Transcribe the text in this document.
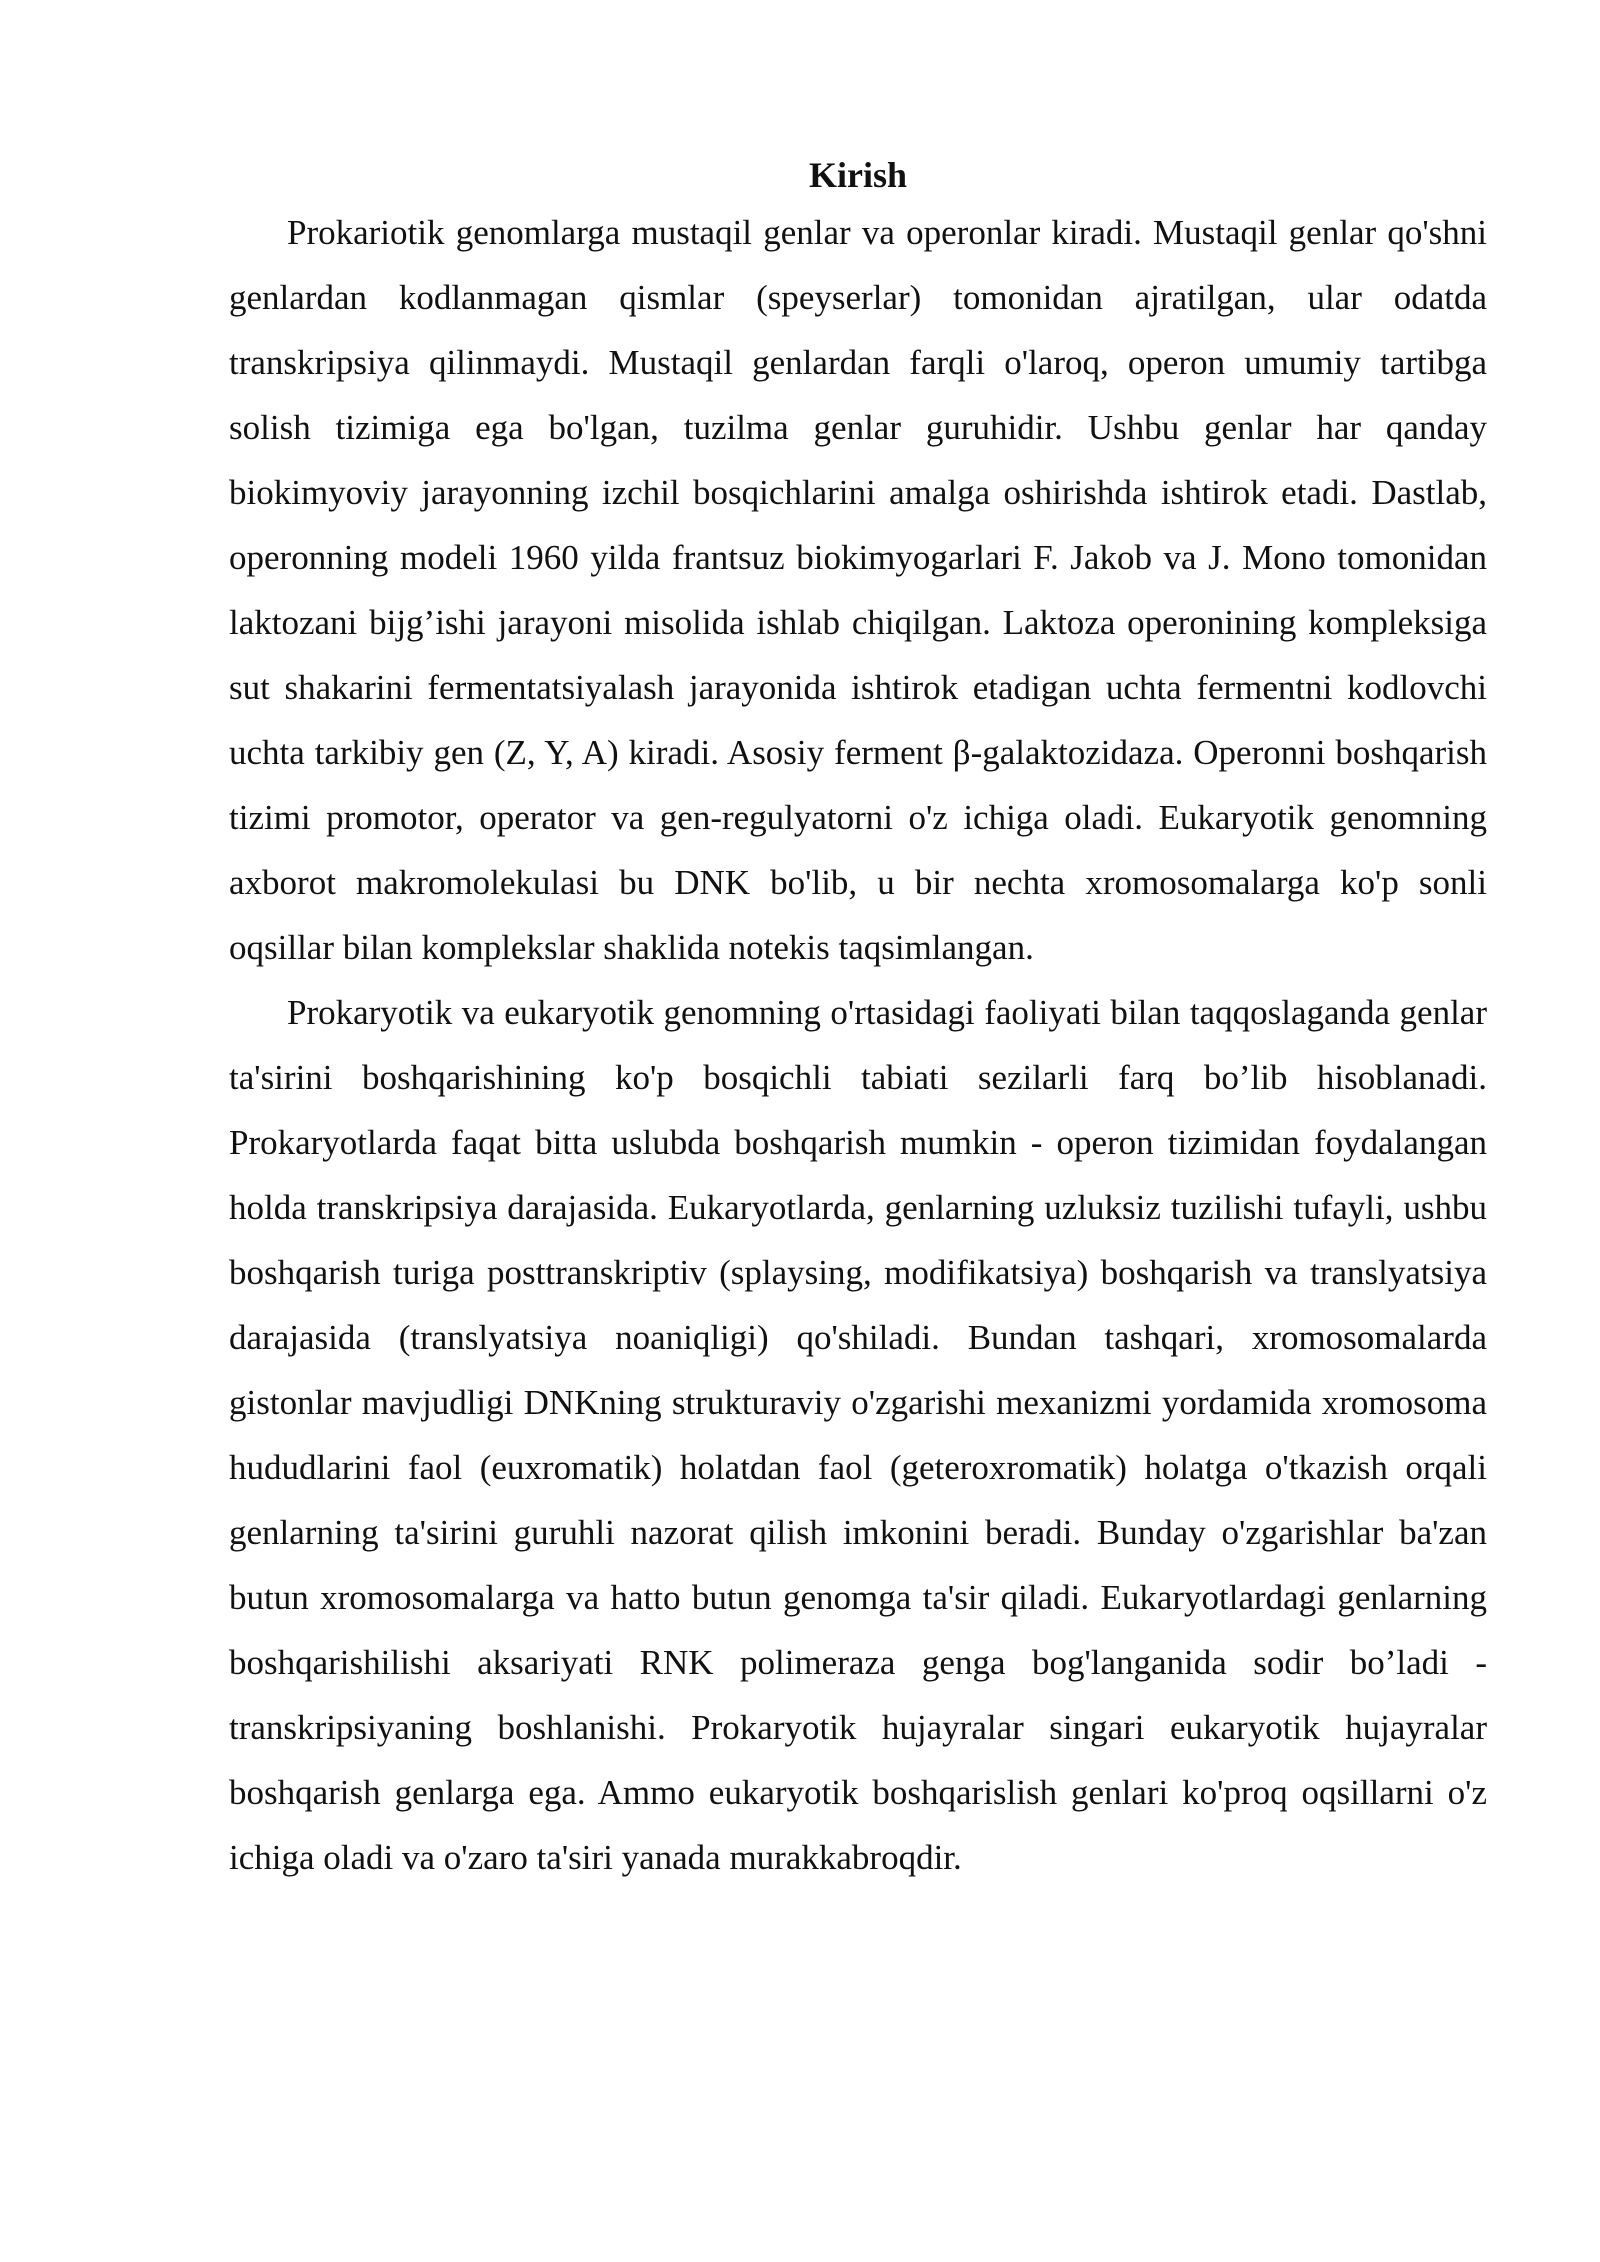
Kirish

Prokariotik genomlarga mustaqil genlar va operonlar kiradi. Mustaqil genlar qo'shni genlardan kodlanmagan qismlar (speyserlar) tomonidan ajratilgan, ular odatda transkripsiya qilinmaydi. Mustaqil genlardan farqli o'laroq, operon umumiy tartibga solish tizimiga ega bo'lgan, tuzilma genlar guruhidir. Ushbu genlar har qanday biokimyoviy jarayonning izchil bosqichlarini amalga oshirishda ishtirok etadi. Dastlab, operonning modeli 1960 yilda frantsuz biokimyogarlari F. Jakob va J. Mono tomonidan laktozani bijg’ishi jarayoni misolida ishlab chiqilgan. Laktoza operonining kompleksiga sut shakarini fermentatsiyalash jarayonida ishtirok etadigan uchta fermentni kodlovchi uchta tarkibiy gen (Z, Y, A) kiradi. Asosiy ferment β-galaktozidaza. Operonni boshqarish tizimi promotor, operator va gen-regulyatorni o'z ichiga oladi. Eukaryotik genomning axborot makromolekulasi bu DNK bo'lib, u bir nechta xromosomalarga ko'p sonli oqsillar bilan komplekslar shaklida notekis taqsimlangan.

Prokaryotik va eukaryotik genomning o'rtasidagi faoliyati bilan taqqoslaganda genlar ta'sirini boshqarishining ko'p bosqichli tabiati sezilarli farq bo’lib hisoblanadi. Prokaryotlarda faqat bitta uslubda boshqarish mumkin - operon tizimidan foydalangan holda transkripsiya darajasida. Eukaryotlarda, genlarning uzluksiz tuzilishi tufayli, ushbu boshqarish turiga posttranskriptiv (splaysing, modifikatsiya) boshqarish va translyatsiya darajasida (translyatsiya noaniqligi) qo'shiladi. Bundan tashqari, xromosomalarda gistonlar mavjudligi DNKning strukturaviy o'zgarishi mexanizmi yordamida xromosoma hududlarini faol (euxromatik) holatdan faol (geteroxromatik) holatga o'tkazish orqali genlarning ta'sirini guruhli nazorat qilish imkonini beradi. Bunday o'zgarishlar ba'zan butun xromosomalarga va hatto butun genomga ta'sir qiladi. Eukaryotlardagi genlarning boshqarishilishi aksariyati RNK polimeraza genga bog'langanida sodir bo’ladi - transkripsiyaning boshlanishi. Prokaryotik hujayralar singari eukaryotik hujayralar boshqarish genlarga ega. Ammo eukaryotik boshqarislish genlari ko'proq oqsillarni o'z ichiga oladi va o'zaro ta'siri yanada murakkabroqdir.
